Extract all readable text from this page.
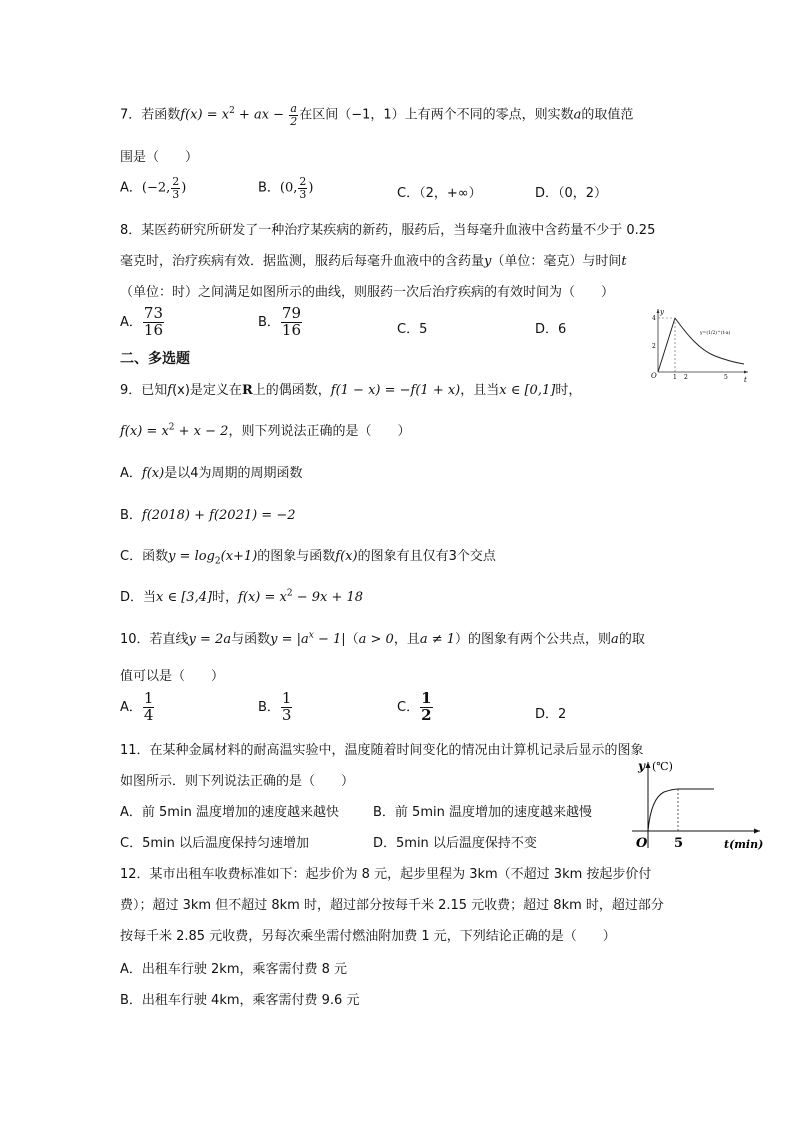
7．若函数$f(x) = x^2$ + ax − $\frac{a}{2}$ 在区间（−1，1）上有两个不同的零点，则实数a的取值范
围是（　　）
A．(−2, $\frac{2}{3}$ )	B．(0, $\frac{2}{3}$ )	C．（2，+∞）	D．（0，2）
8．某医药研究所研发了一种治疗某疾病的新药，服药后，当每毫升血液中含药量不少于 0.25
毫克时，治疗疾病有效．据监测，服药后每毫升血液中的含药量y（单位：毫克）与时间t
（单位：时）之间满足如图所示的曲线，则服药一次后治疗疾病的有效时间为（　　）
A． $\frac{73}{16}$	B． $\frac{79}{16}$	C．5	D．6
y
t
O	1 2	5
2
4
y=(1/2)^(t-a)
二、多选题
9．已知f(x)是定义在R上的偶函数，f(1 − x) = −f(1 + x)，且当x ∈ [0,1]时，
$f(x) = x^2 + x - 2$，则下列说法正确的是（　　）
A．f(x)是以4为周期的周期函数
B．f(2018) + f(2021) = −2
C．函数$y = \log_2(x+1)$的图象与函数f(x)的图象有且仅有3个交点
D．当x ∈ [3,4]时，$f(x) = x^2 - 9x + 18$
10．若直线y = 2a与函数$y = |a^x - 1|(a > 0$，且a ≠ 1）的图象有两个公共点，则a的取
值可以是（　　）
A． $\frac{1}{4}$	B． $\frac{1}{3}$	C． $\frac{1}{2}$	D．2
11．在某种金属材料的耐高温实验中，温度随着时间变化的情况由计算机记录后显示的图象
如图所示．则下列说法正确的是（　　）
A．前 5min 温度增加的速度越来越快	B．前 5min 温度增加的速度越来越慢
C．5min 以后温度保持匀速增加	D．5min 以后温度保持不变
y (℃)
O 5	t(min)
12．某市出租车收费标准如下：起步价为 8 元，起步里程为 3km（不超过 3km 按起步价付
费）；超过 3km 但不超过 8km 时，超过部分按每千米 2.15 元收费；超过 8km 时，超过部分
按每千米 2.85 元收费，另每次乘坐需付燃油附加费 1 元，下列结论正确的是（　　）
A．出租车行驶 2km，乘客需付费 8 元
B．出租车行驶 4km，乘客需付费 9.6 元
